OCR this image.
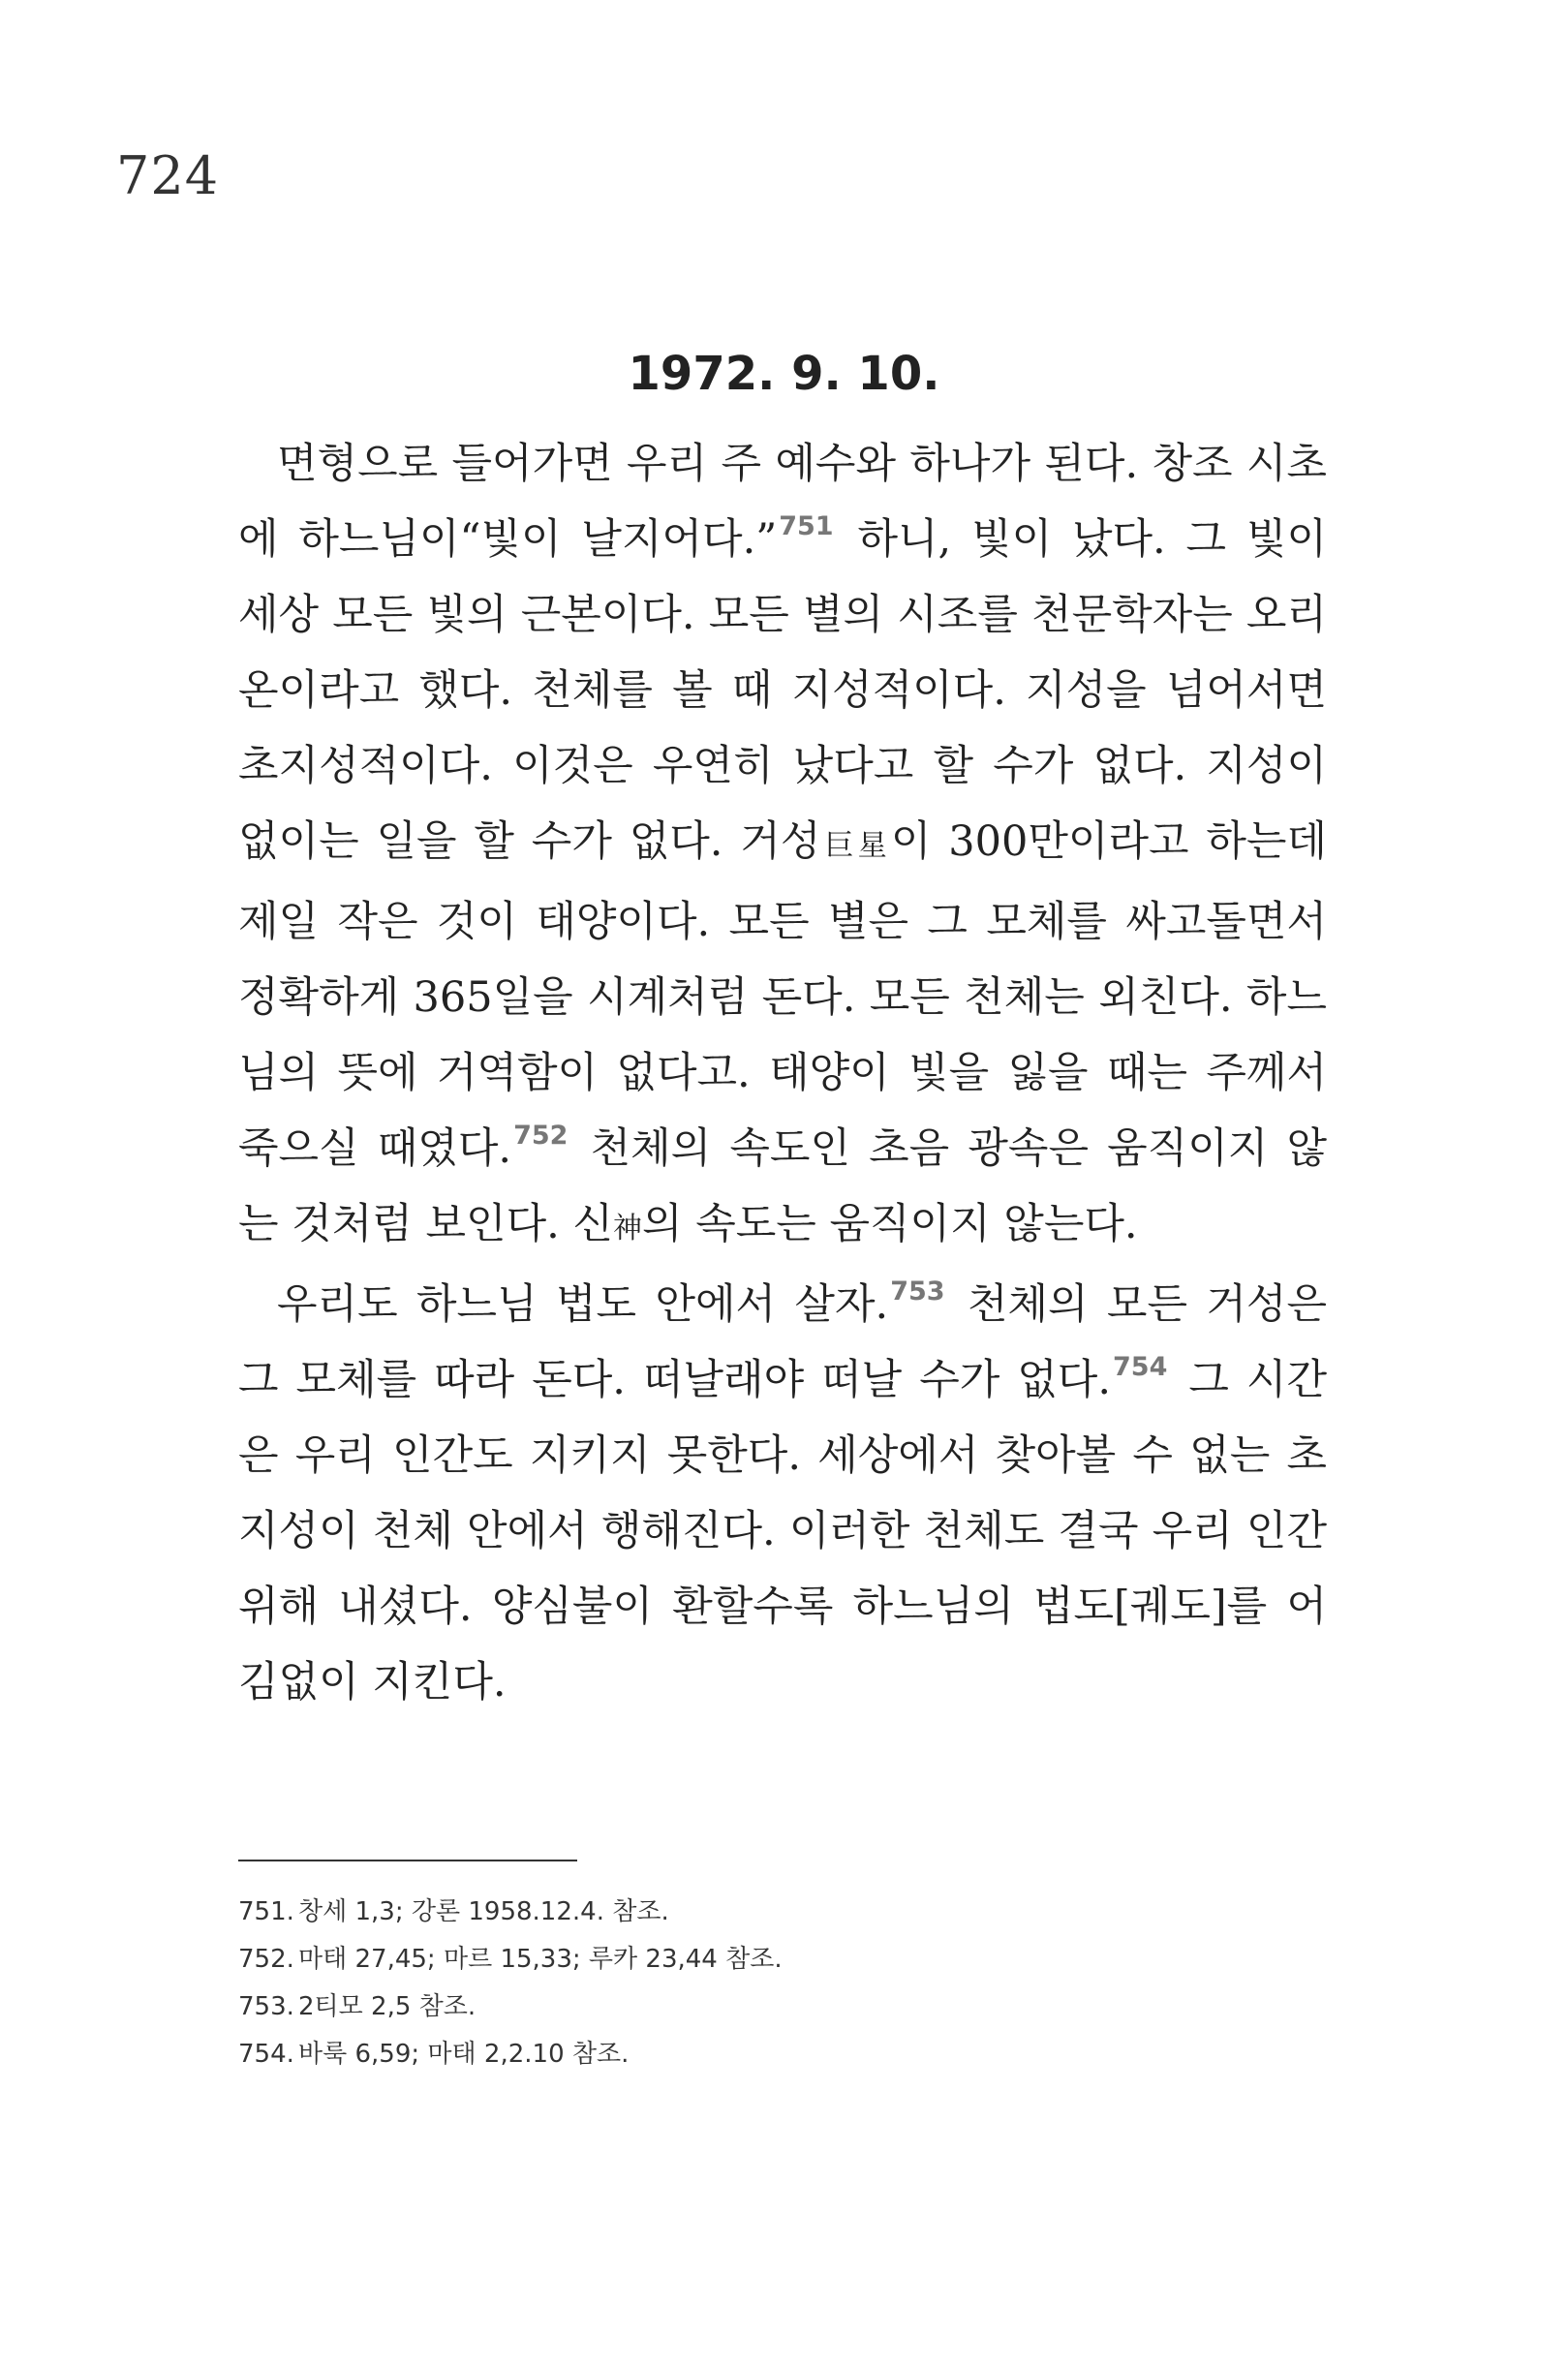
724
1972. 9. 10.

면형으로 들어가면 우리 주 예수와 하나가 된다. 창조 시초에 하느님이“빛이 날지어다.”$^{751}$ 하니, 빛이 났다. 그 빛이 세상 모든 빛의 근본이다. 모든 별의 시조를 천문학자는 오리온이라고 했다. 천체를 볼 때 지성적이다. 지성을 넘어서면 초지성적이다. 이것은 우연히 났다고 할 수가 없다. 지성이 없이는 일을 할 수가 없다. 거성巨星이 300만이라고 하는데 제일 작은 것이 태양이다. 모든 별은 그 모체를 싸고돌면서 정확하게 365일을 시계처럼 돈다. 모든 천체는 외친다. 하느님의 뜻에 거역함이 없다고. 태양이 빛을 잃을 때는 주께서 죽으실 때였다.$^{752}$ 천체의 속도인 초음 광속은 움직이지 않는 것처럼 보인다. 신神의 속도는 움직이지 않는다.

우리도 하느님 법도 안에서 살자.$^{753}$ 천체의 모든 거성은 그 모체를 따라 돈다. 떠날래야 떠날 수가 없다.$^{754}$ 그 시간은 우리 인간도 지키지 못한다. 세상에서 찾아볼 수 없는 초지성이 천체 안에서 행해진다. 이러한 천체도 결국 우리 인간 위해 내셨다. 양심불이 환할수록 하느님의 법도[궤도]를 어김없이 지킨다.

751. 창세 1,3; 강론 1958.12.4. 참조.
752. 마태 27,45; 마르 15,33; 루카 23,44 참조.
753. 2티모 2,5 참조.
754. 바룩 6,59; 마태 2,2.10 참조.
